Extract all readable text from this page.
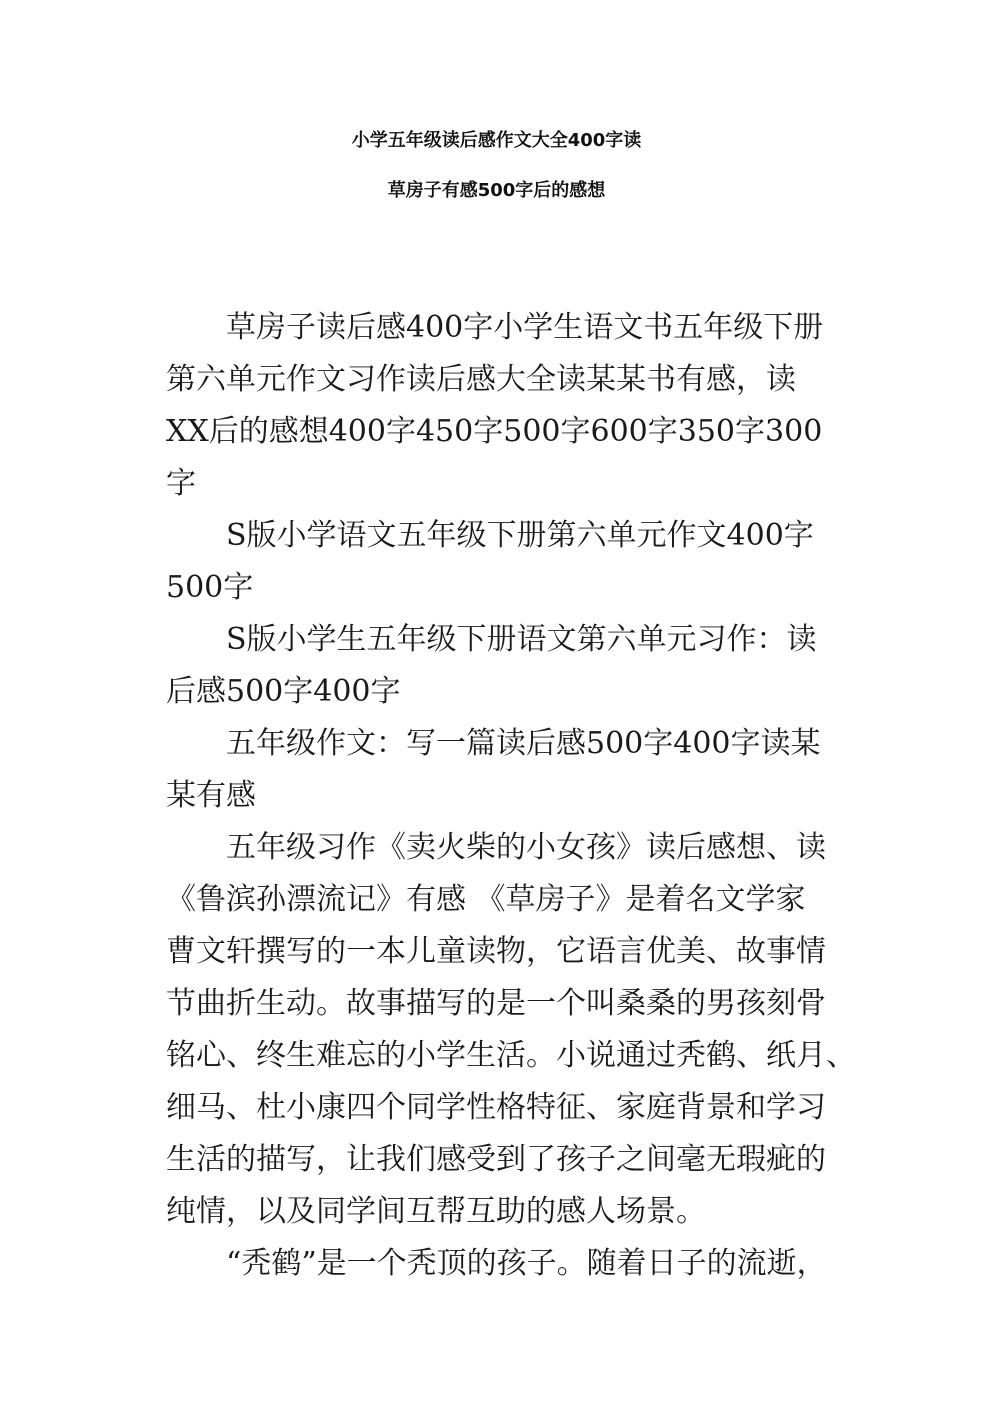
小学五年级读后感作文大全400字读
草房子有感500字后的感想
草房子读后感400字小学生语文书五年级下册
第六单元作文习作读后感大全读某某书有感，读
XX后的感想400字450字500字600字350字300
字
S版小学语文五年级下册第六单元作文400字
500字
S版小学生五年级下册语文第六单元习作：读
后感500字400字
五年级作文：写一篇读后感500字400字读某
某有感
五年级习作《卖火柴的小女孩》读后感想、读
《鲁滨孙漂流记》有感 《草房子》是着名文学家
曹文轩撰写的一本儿童读物，它语言优美、故事情
节曲折生动。故事描写的是一个叫桑桑的男孩刻骨
铭心、终生难忘的小学生活。小说通过秃鹤、纸月、
细马、杜小康四个同学性格特征、家庭背景和学习
生活的描写，让我们感受到了孩子之间毫无瑕疵的
纯情，以及同学间互帮互助的感人场景。
“秃鹤”是一个秃顶的孩子。随着日子的流逝，
